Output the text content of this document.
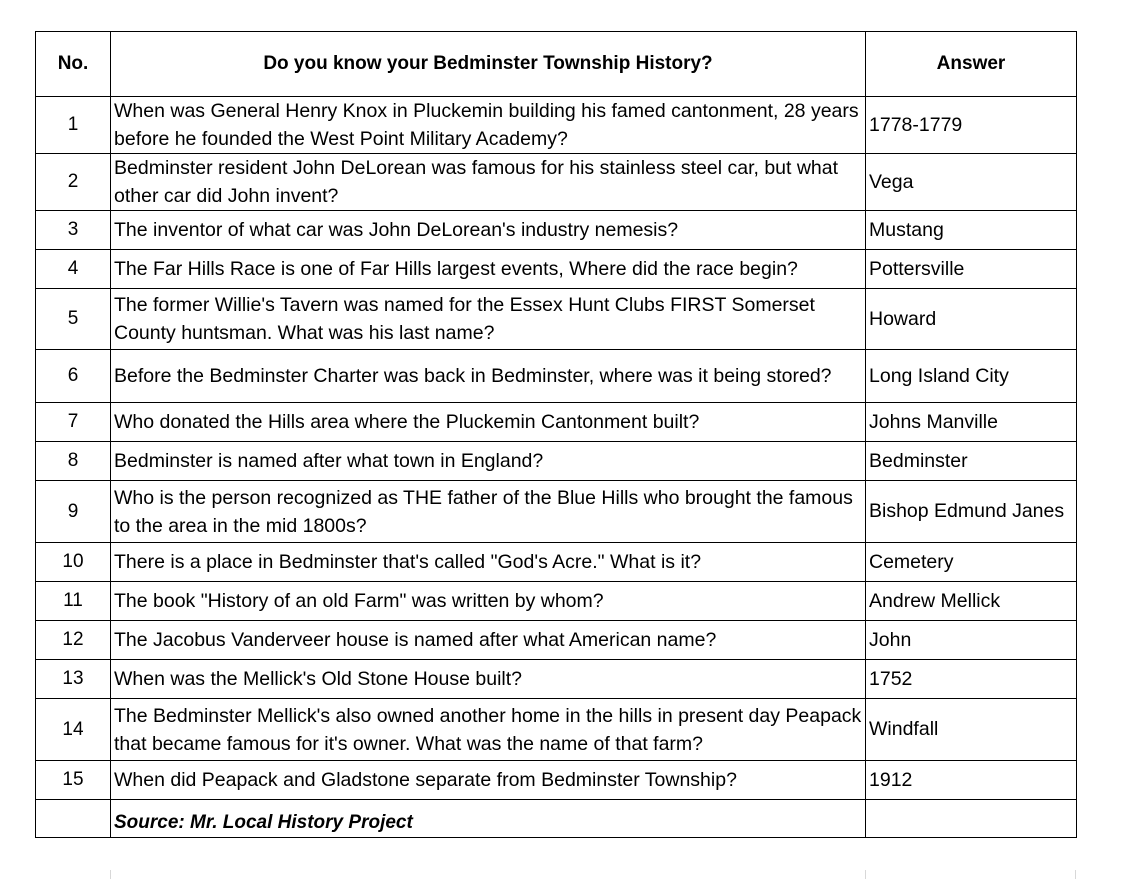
No.	Do you know your Bedminster Township History?	Answer
1	When was General Henry Knox in Pluckemin building his famed cantonment, 28 years before he founded the West Point Military Academy?	1778-1779
2	Bedminster resident John DeLorean was famous for his stainless steel car, but what other car did John invent?	Vega
3	The inventor of what car was John DeLorean's industry nemesis?	Mustang
4	The Far Hills Race is one of Far Hills largest events, Where did the race begin?	Pottersville
5	The former Willie's Tavern was named for the Essex Hunt Clubs FIRST Somerset County huntsman. What was his last name?	Howard
6	Before the Bedminster Charter was back in Bedminster, where was it being stored?	Long Island City
7	Who donated the Hills area where the Pluckemin Cantonment built?	Johns Manville
8	Bedminster is named after what town in England?	Bedminster
9	Who is the person recognized as THE father of the Blue Hills who brought the famous to the area in the mid 1800s?	Bishop Edmund Janes
10	There is a place in Bedminster that's called "God's Acre." What is it?	Cemetery
11	The book "History of an old Farm" was written by whom?	Andrew Mellick
12	The Jacobus Vanderveer house is named after what American name?	John
13	When was the Mellick's Old Stone House built?	1752
14	The Bedminster Mellick's also owned another home in the hills in present day Peapack that became famous for it's owner. What was the name of that farm?	Windfall
15	When did Peapack and Gladstone separate from Bedminster Township?	1912
	Source: Mr. Local History Project	
